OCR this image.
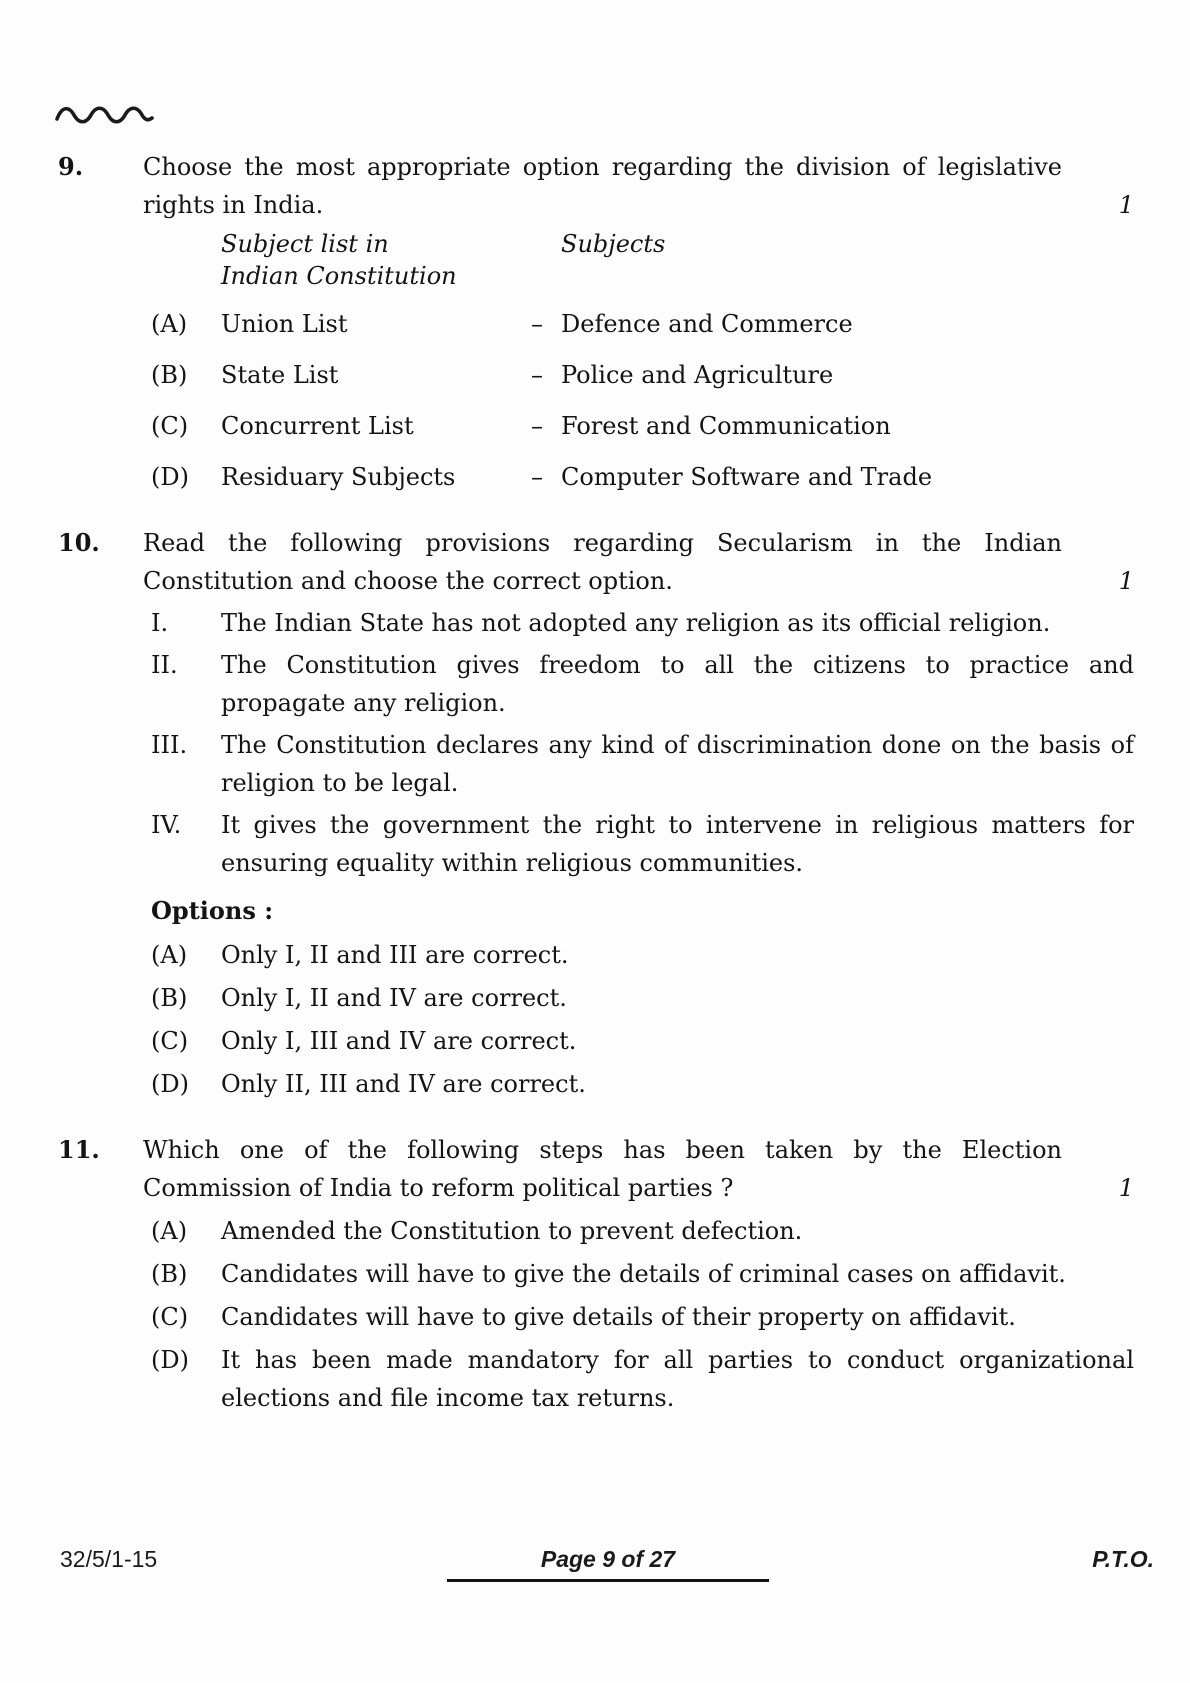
9.	Choose the most appropriate option regarding the division of legislative rights in India.	1
Subject list in
Indian Constitution
Subjects
(A)	Union List	– Defence and Commerce
(B)	State List	– Police and Agriculture
(C)	Concurrent List	– Forest and Communication
(D)	Residuary Subjects	– Computer Software and Trade
10.	Read the following provisions regarding Secularism in the Indian Constitution and choose the correct option.	1
I.	The Indian State has not adopted any religion as its official religion.
II.	The Constitution gives freedom to all the citizens to practice and propagate any religion.
III.	The Constitution declares any kind of discrimination done on the basis of religion to be legal.
IV.	It gives the government the right to intervene in religious matters for ensuring equality within religious communities.
Options :
(A)	Only I, II and III are correct.
(B)	Only I, II and IV are correct.
(C)	Only I, III and IV are correct.
(D)	Only II, III and IV are correct.
11.	Which one of the following steps has been taken by the Election Commission of India to reform political parties ?	1
(A)	Amended the Constitution to prevent defection.
(B)	Candidates will have to give the details of criminal cases on affidavit.
(C)	Candidates will have to give details of their property on affidavit.
(D)	It has been made mandatory for all parties to conduct organizational elections and file income tax returns.
32/5/1-15	Page 9 of 27	P.T.O.
